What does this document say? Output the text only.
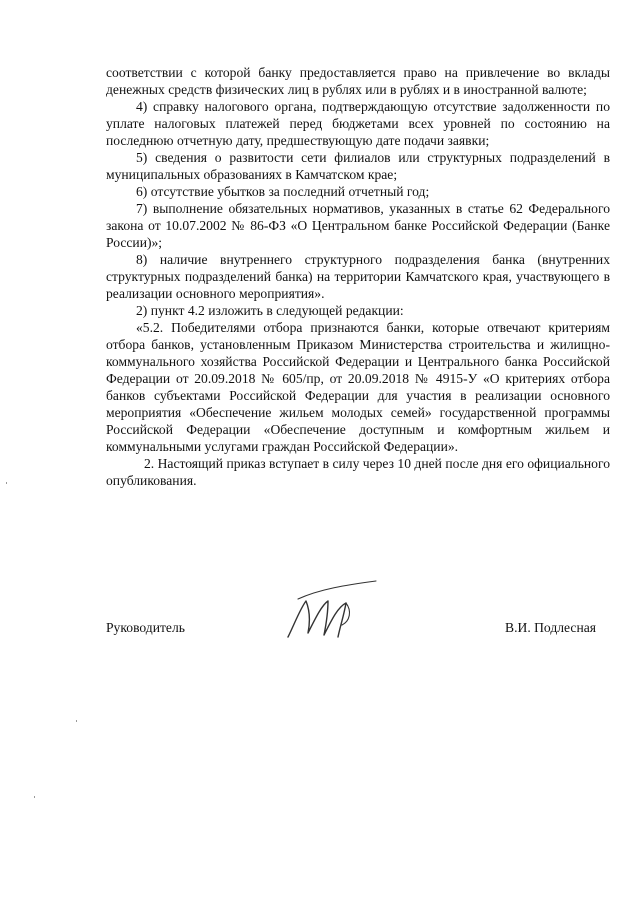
соответствии с которой банку предоставляется право на привлечение во вклады денежных средств физических лиц в рублях или в рублях и в иностранной валюте;

4) справку налогового органа, подтверждающую отсутствие задолженности по уплате налоговых платежей перед бюджетами всех уровней по состоянию на последнюю отчетную дату, предшествующую дате подачи заявки;

5) сведения о развитости сети филиалов или структурных подразделений в муниципальных образованиях в Камчатском крае;

6) отсутствие убытков за последний отчетный год;

7) выполнение обязательных нормативов, указанных в статье 62 Федерального закона от 10.07.2002 № 86-ФЗ «О Центральном банке Российской Федерации (Банке России)»;

8) наличие внутреннего структурного подразделения банка (внутренних структурных подразделений банка) на территории Камчатского края, участвующего в реализации основного мероприятия».

2) пункт 4.2 изложить в следующей редакции:

«5.2. Победителями отбора признаются банки, которые отвечают критериям отбора банков, установленным Приказом Министерства строительства и жилищно-коммунального хозяйства Российской Федерации и Центрального банка Российской Федерации от 20.09.2018 № 605/пр, от 20.09.2018 № 4915-У «О критериях отбора банков субъектами Российской Федерации для участия в реализации основного мероприятия «Обеспечение жильем молодых семей» государственной программы Российской Федерации «Обеспечение доступным и комфортным жильем и коммунальными услугами граждан Российской Федерации».

2. Настоящий приказ вступает в силу через 10 дней после дня его официального опубликования.

Руководитель	В.И. Подлесная
